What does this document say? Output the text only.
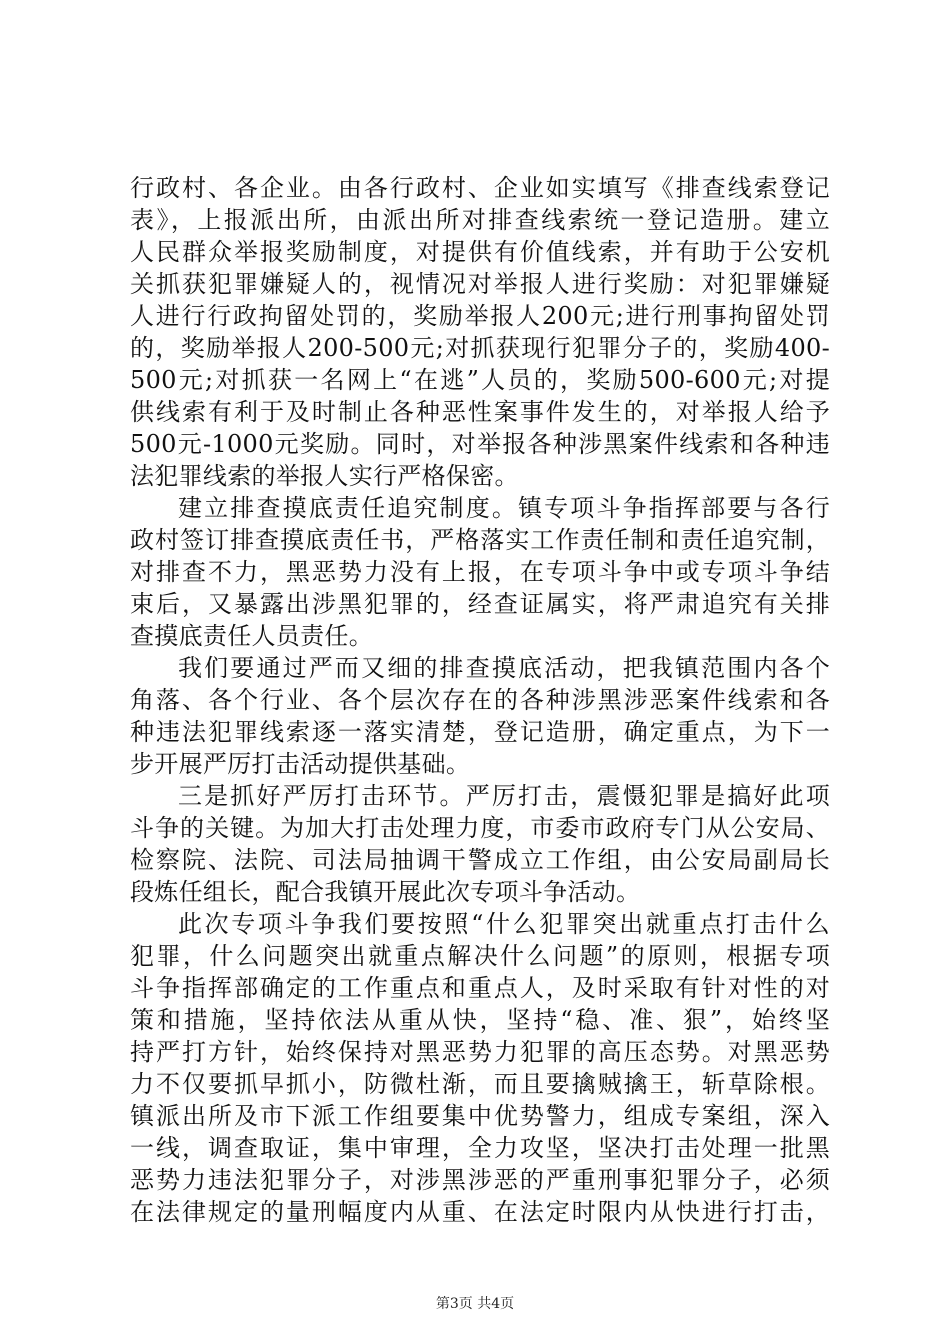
行政村、各企业。由各行政村、企业如实填写《排查线索登记
表》，上报派出所，由派出所对排查线索统一登记造册。建立
人民群众举报奖励制度，对提供有价值线索，并有助于公安机
关抓获犯罪嫌疑人的，视情况对举报人进行奖励：对犯罪嫌疑
人进行行政拘留处罚的，奖励举报人200元;进行刑事拘留处罚
的，奖励举报人200-500元;对抓获现行犯罪分子的，奖励400-
500元;对抓获一名网上“在逃”人员的，奖励500-600元;对提
供线索有利于及时制止各种恶性案事件发生的，对举报人给予
500元-1000元奖励。同时，对举报各种涉黑案件线索和各种违
法犯罪线索的举报人实行严格保密。
建立排查摸底责任追究制度。镇专项斗争指挥部要与各行
政村签订排查摸底责任书，严格落实工作责任制和责任追究制，
对排查不力，黑恶势力没有上报，在专项斗争中或专项斗争结
束后，又暴露出涉黑犯罪的，经查证属实，将严肃追究有关排
查摸底责任人员责任。
我们要通过严而又细的排查摸底活动，把我镇范围内各个
角落、各个行业、各个层次存在的各种涉黑涉恶案件线索和各
种违法犯罪线索逐一落实清楚，登记造册，确定重点，为下一
步开展严厉打击活动提供基础。
三是抓好严厉打击环节。严厉打击，震慑犯罪是搞好此项
斗争的关键。为加大打击处理力度，市委市政府专门从公安局、
检察院、法院、司法局抽调干警成立工作组，由公安局副局长
段炼任组长，配合我镇开展此次专项斗争活动。
此次专项斗争我们要按照“什么犯罪突出就重点打击什么
犯罪，什么问题突出就重点解决什么问题”的原则，根据专项
斗争指挥部确定的工作重点和重点人，及时采取有针对性的对
策和措施，坚持依法从重从快，坚持“稳、准、狠”，始终坚
持严打方针，始终保持对黑恶势力犯罪的高压态势。对黑恶势
力不仅要抓早抓小，防微杜渐，而且要擒贼擒王，斩草除根。
镇派出所及市下派工作组要集中优势警力，组成专案组，深入
一线，调查取证，集中审理，全力攻坚，坚决打击处理一批黑
恶势力违法犯罪分子，对涉黑涉恶的严重刑事犯罪分子，必须
在法律规定的量刑幅度内从重、在法定时限内从快进行打击，
第3页 共4页
